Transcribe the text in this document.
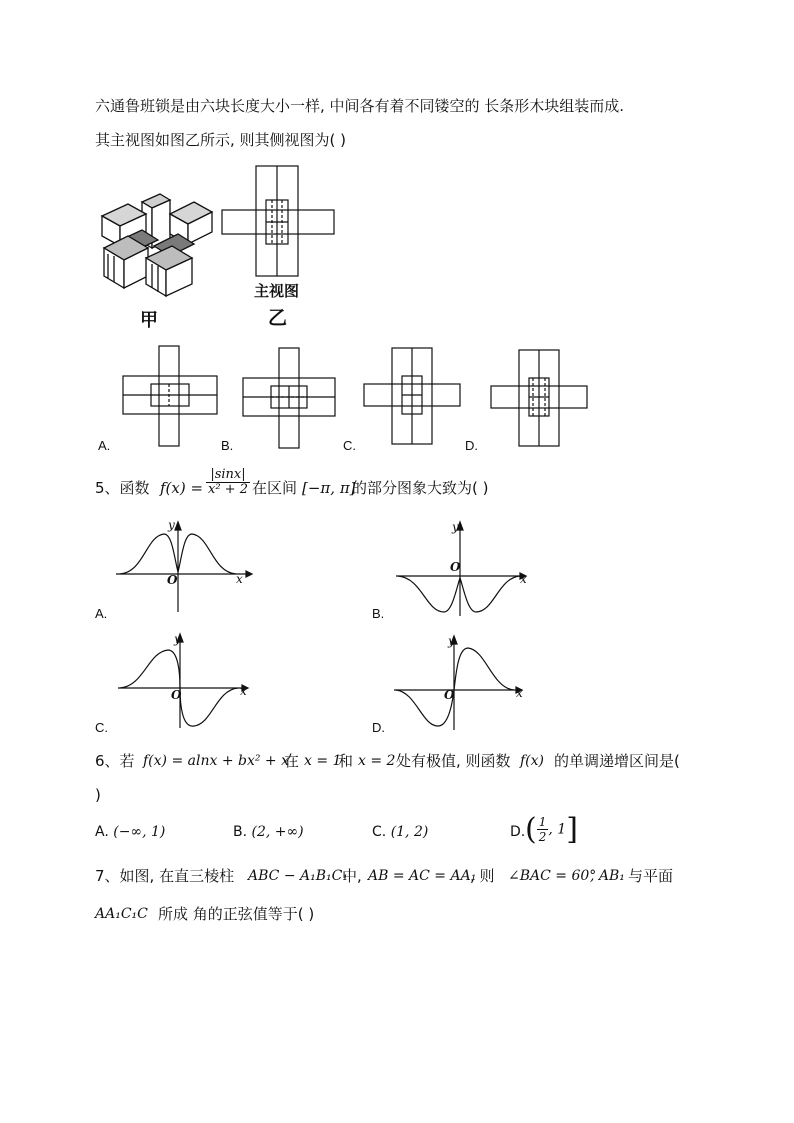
六通鲁班锁是由六块长度大小一样, 中间各有着不同镂空的 长条形木块组装而成.
其主视图如图乙所示, 则其侧视图为( )
甲
主视图
乙
A.	B.	C.	D.
5、函数 $f(x) = \frac{|\sin x|}{\text{x² + 2}}$ 在区间 [−π, π]
的部分图象大致为( )
y
x
O
A.
y
x
O
B.
y
x
O
C.
y
x
O
D.
6、若 f(x) = alnx + bx² + x
在 x = 1
和 x = 2 处有极值, 则函数 f(x) 的单调递增区间是(
)
A. (−∞, 1)	B. (2, +∞)	C. (1, 2)	D. ( $\frac{1}{2}$ , 1]
7、如图, 在直三棱柱 ABC − A₁B₁C₁
中, AB = AC = AA₁
, 则 ∠BAC = 60°
, AB₁ 与平面
AA₁C₁C 所成 角的正弦值等于( )
